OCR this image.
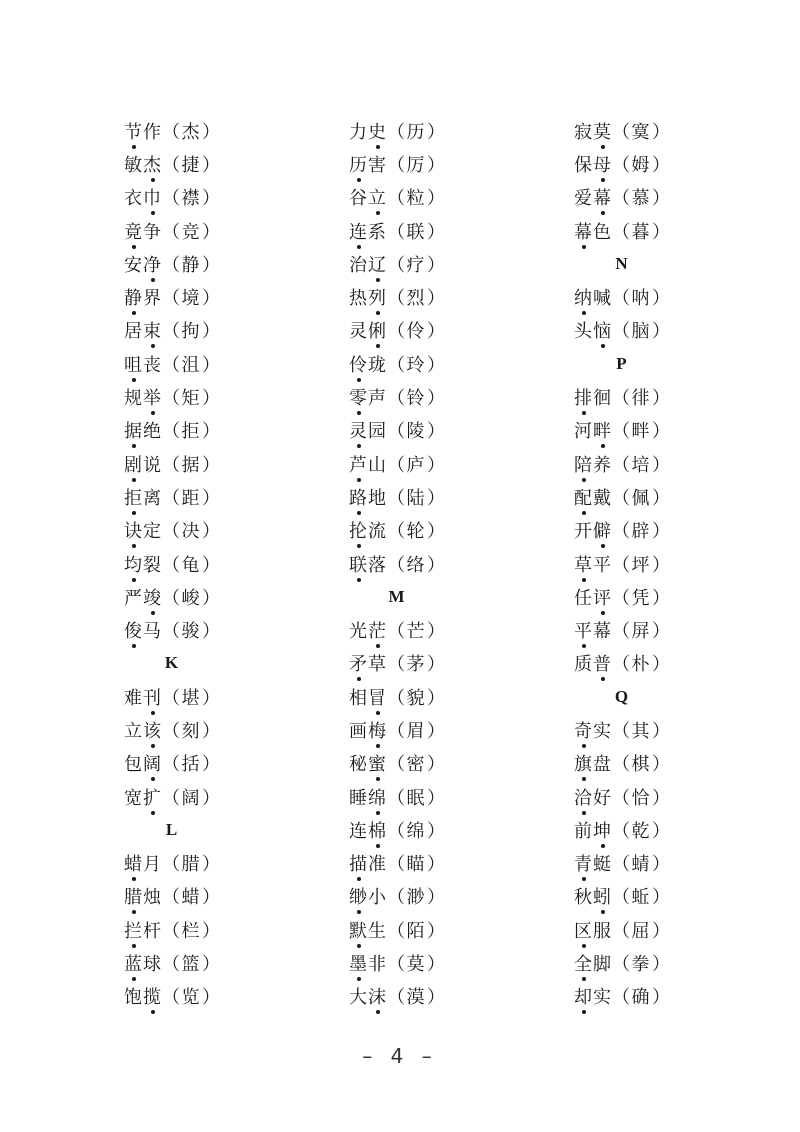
节作 （ 杰 ）
敏杰 （ 捷 ）
衣巾 （ 襟 ）
竟争 （ 竞 ）
安净 （ 静 ）
静界 （ 境 ）
居束 （ 拘 ）
咀丧 （ 沮 ）
规举 （ 矩 ）
据绝 （ 拒 ）
剧说 （ 据 ）
拒离 （ 距 ）
诀定 （ 决 ）
均裂 （ 龟 ）
严竣 （ 峻 ）
俊马 （ 骏 ）
K
难刊 （ 堪 ）
立该 （ 刻 ）
包阔 （ 括 ）
宽扩 （ 阔 ）
L
蜡月 （ 腊 ）
腊烛 （ 蜡 ）
拦杆 （ 栏 ）
蓝球 （ 篮 ）
饱揽 （ 览 ）
力史 （ 历 ）
历害 （ 厉 ）
谷立 （ 粒 ）
连系 （ 联 ）
治辽 （ 疗 ）
热列 （ 烈 ）
灵俐 （ 伶 ）
伶珑 （ 玲 ）
零声 （ 铃 ）
灵园 （ 陵 ）
芦山 （ 庐 ）
路地 （ 陆 ）
抡流 （ 轮 ）
联落 （ 络 ）
M
光茫 （ 芒 ）
矛草 （ 茅 ）
相冒 （ 貌 ）
画梅 （ 眉 ）
秘蜜 （ 密 ）
睡绵 （ 眠 ）
连棉 （ 绵 ）
描准 （ 瞄 ）
缈小 （ 渺 ）
默生 （ 陌 ）
墨非 （ 莫 ）
大沫 （ 漠 ）
寂莫 （ 寞 ）
保母 （ 姆 ）
爱幕 （ 慕 ）
幕色 （ 暮 ）
N
纳喊 （ 呐 ）
头恼 （ 脑 ）
P
排徊 （ 徘 ）
河畔 （ 畔 ）
陪养 （ 培 ）
配戴 （ 佩 ）
开僻 （ 辟 ）
草平 （ 坪 ）
任评 （ 凭 ）
平幕 （ 屏 ）
质普 （ 朴 ）
Q
奇实 （ 其 ）
旗盘 （ 棋 ）
洽好 （ 恰 ）
前坤 （ 乾 ）
青蜓 （ 蜻 ）
秋蚓 （ 蚯 ）
区服 （ 屈 ）
全脚 （ 拳 ）
却实 （ 确 ）
– 4 –
